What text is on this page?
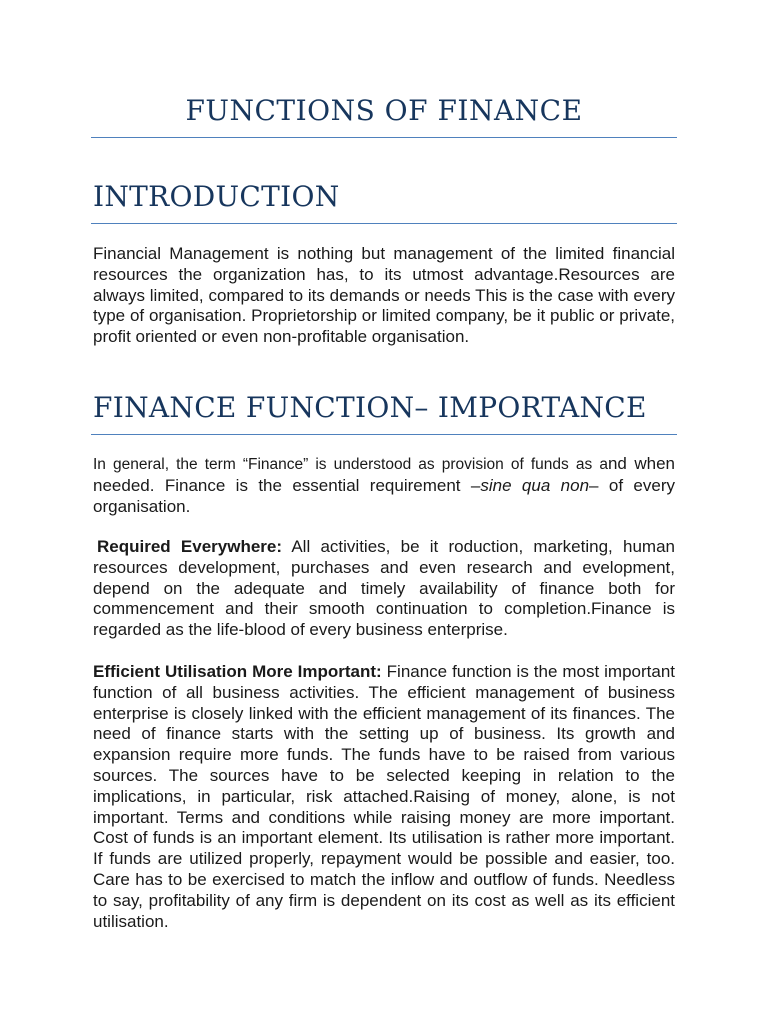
FUNCTIONS OF FINANCE
INTRODUCTION

Financial Management is nothing but management of the limited financial resources the organization has, to its utmost advantage.Resources are always limited, compared to its demands or needs This is the case with every type of organisation. Proprietorship or limited company, be it public or private, profit oriented or even non-profitable organisation.

FINANCE FUNCTION– IMPORTANCE

In general, the term “Finance” is understood as provision of funds as and when needed. Finance is the essential requirement –sine qua non– of every organisation.

Required Everywhere: All activities, be it roduction, marketing, human resources development, purchases and even research and evelopment, depend on the adequate and timely availability of finance both for commencement and their smooth continuation to completion.Finance is regarded as the life-blood of every business enterprise.

Efficient Utilisation More Important: Finance function is the most important function of all business activities. The efficient management of business enterprise is closely linked with the efficient management of its finances. The need of finance starts with the setting up of business. Its growth and expansion require more funds. The funds have to be raised from various sources. The sources have to be selected keeping in relation to the implications, in particular, risk attached.Raising of money, alone, is not important. Terms and conditions while raising money are more important. Cost of funds is an important element. Its utilisation is rather more important. If funds are utilized properly, repayment would be possible and easier, too. Care has to be exercised to match the inflow and outflow of funds. Needless to say, profitability of any firm is dependent on its cost as well as its efficient utilisation.
